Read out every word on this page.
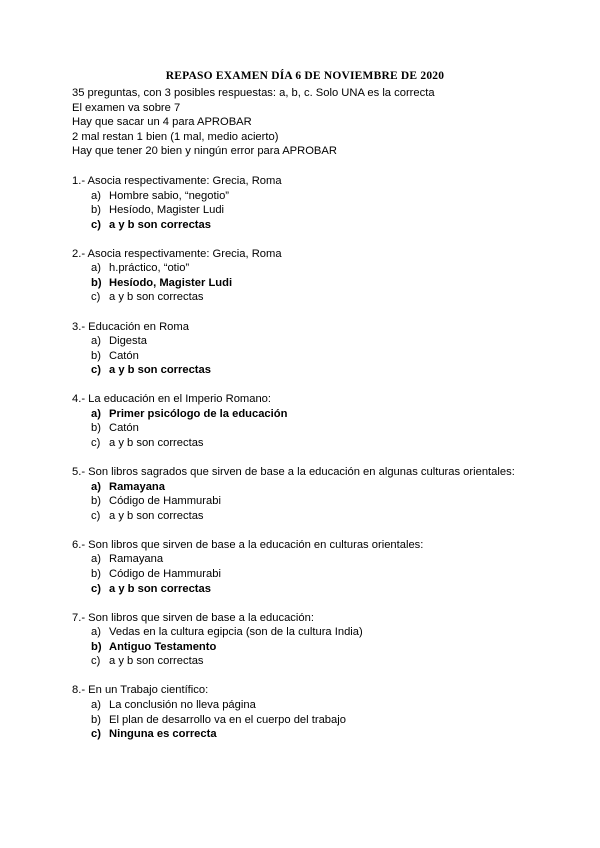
REPASO EXAMEN DÍA 6 DE NOVIEMBRE DE 2020
35 preguntas, con 3 posibles respuestas: a, b, c. Solo UNA es la correcta
El examen va sobre 7
Hay que sacar un 4 para APROBAR
2 mal restan 1 bien (1 mal, medio acierto)
Hay que tener 20 bien y ningún error para APROBAR
1.- Asocia respectivamente: Grecia, Roma
a) Hombre sabio, “negotio”
b) Hesíodo, Magister Ludi
c) a y b son correctas
2.- Asocia respectivamente: Grecia, Roma
a) h.práctico, “otio”
b) Hesíodo, Magister Ludi
c) a y b son correctas
3.- Educación en Roma
a) Digesta
b) Catón
c) a y b son correctas
4.- La educación en el Imperio Romano:
a) Primer psicólogo de la educación
b) Catón
c) a y b son correctas
5.- Son libros sagrados que sirven de base a la educación en algunas culturas orientales:
a) Ramayana
b) Código de Hammurabi
c) a y b son correctas
6.- Son libros que sirven de base a la educación en culturas orientales:
a) Ramayana
b) Código de Hammurabi
c) a y b son correctas
7.- Son libros que sirven de base a la educación:
a) Vedas en la cultura egipcia (son de la cultura India)
b) Antiguo Testamento
c) a y b son correctas
8.- En un Trabajo científico:
a) La conclusión no lleva página
b) El plan de desarrollo va en el cuerpo del trabajo
c) Ninguna es correcta
